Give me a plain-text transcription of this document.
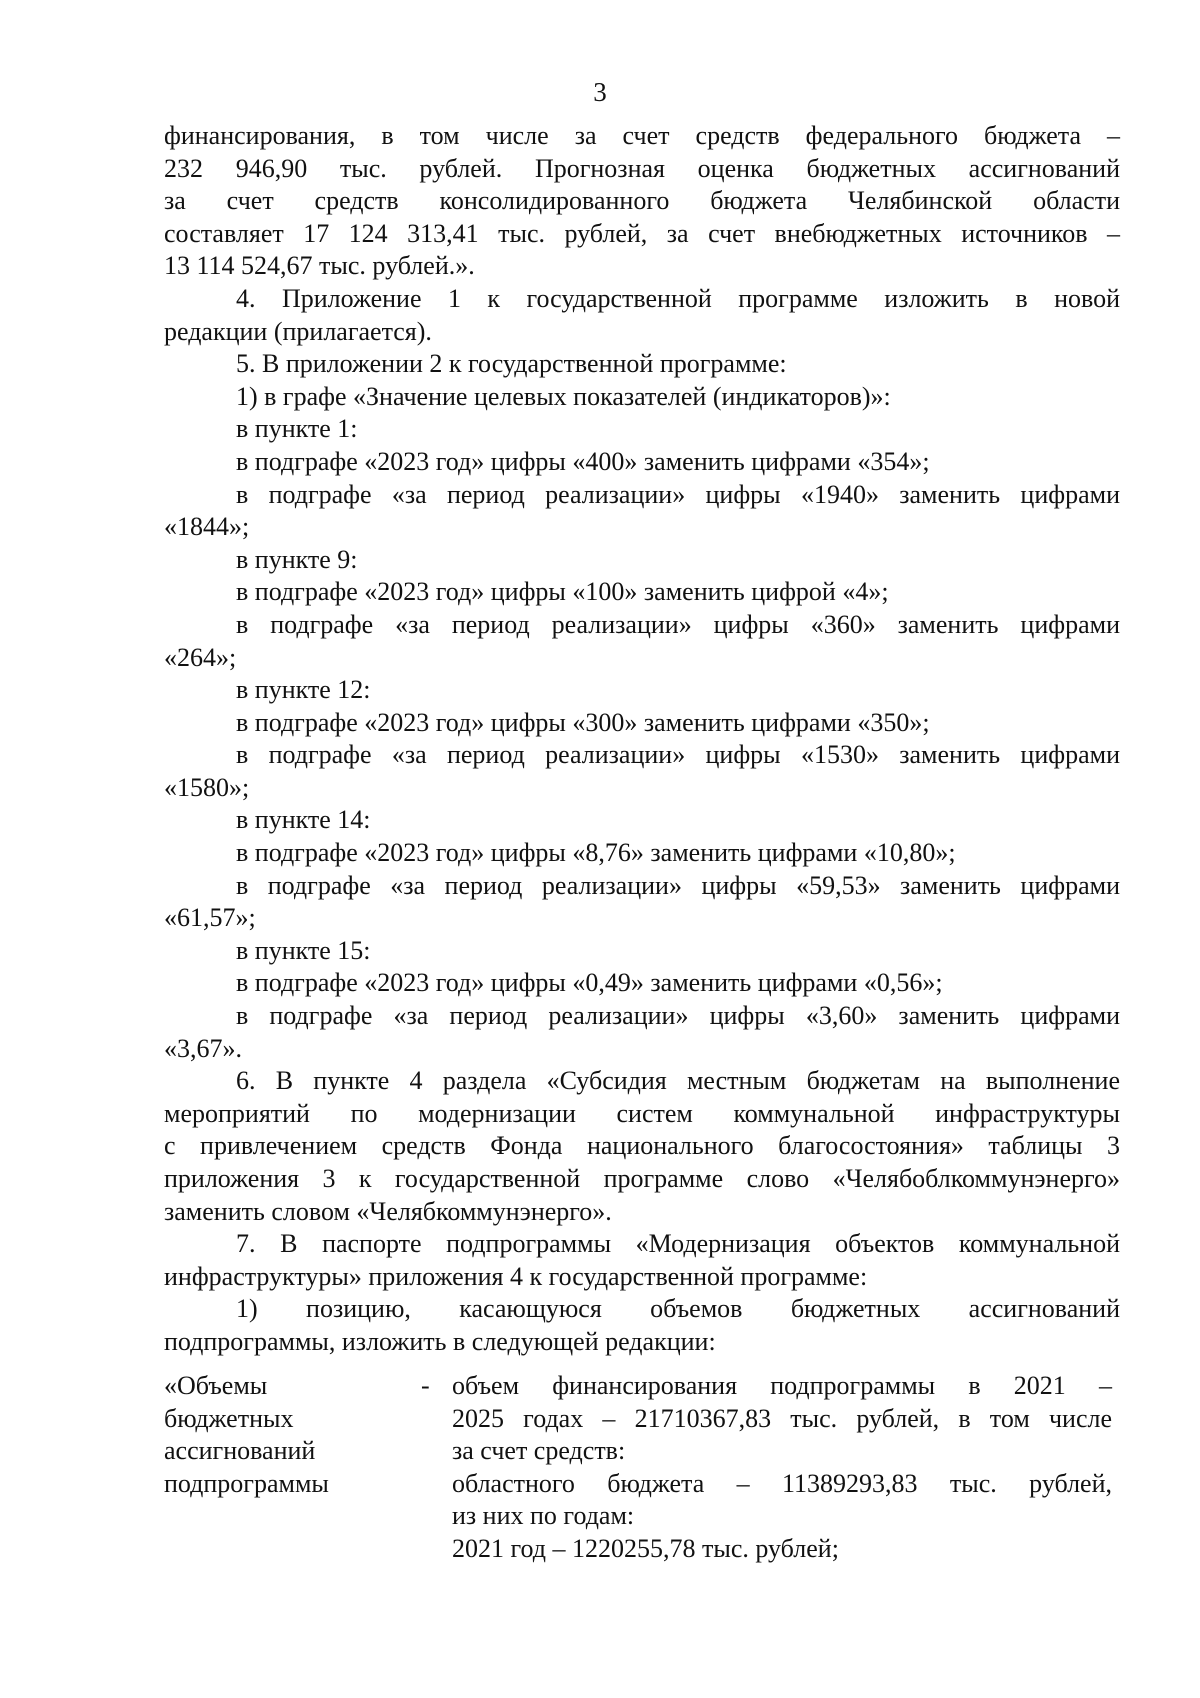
3

финансирования, в том числе за счет средств федерального бюджета –

232 946,90 тыс. рублей. Прогнозная оценка бюджетных ассигнований

за счет средств консолидированного бюджета Челябинской области

составляет 17 124 313,41 тыс. рублей, за счет внебюджетных источников –

13 114 524,67 тыс. рублей.».

4. Приложение 1 к государственной программе изложить в новой

редакции (прилагается).

5. В приложении 2 к государственной программе:

1) в графе «Значение целевых показателей (индикаторов)»:

в пункте 1:

в подграфе «2023 год» цифры «400» заменить цифрами «354»;

в подграфе «за период реализации» цифры «1940» заменить цифрами

«1844»;

в пункте 9:

в подграфе «2023 год» цифры «100» заменить цифрой «4»;

в подграфе «за период реализации» цифры «360» заменить цифрами

«264»;

в пункте 12:

в подграфе «2023 год» цифры «300» заменить цифрами «350»;

в подграфе «за период реализации» цифры «1530» заменить цифрами

«1580»;

в пункте 14:

в подграфе «2023 год» цифры «8,76» заменить цифрами «10,80»;

в подграфе «за период реализации» цифры «59,53» заменить цифрами

«61,57»;

в пункте 15:

в подграфе «2023 год» цифры «0,49» заменить цифрами «0,56»;

в подграфе «за период реализации» цифры «3,60» заменить цифрами

«3,67».

6. В пункте 4 раздела «Субсидия местным бюджетам на выполнение

мероприятий по модернизации систем коммунальной инфраструктуры

с привлечением средств Фонда национального благосостояния» таблицы 3

приложения 3 к государственной программе слово «Челябоблкоммунэнерго»

заменить словом «Челябкоммунэнерго».

7. В паспорте подпрограммы «Модернизация объектов коммунальной

инфраструктуры» приложения 4 к государственной программе:

1) позицию, касающуюся объемов бюджетных ассигнований

подпрограммы, изложить в следующей редакции:

«Объемы

бюджетных

ассигнований

подпрограммы

- объем финансирования подпрограммы в 2021 –

2025 годах – 21710367,83 тыс. рублей, в том числе

за счет средств:

областного бюджета – 11389293,83 тыс. рублей,

из них по годам:

2021 год – 1220255,78 тыс. рублей;
